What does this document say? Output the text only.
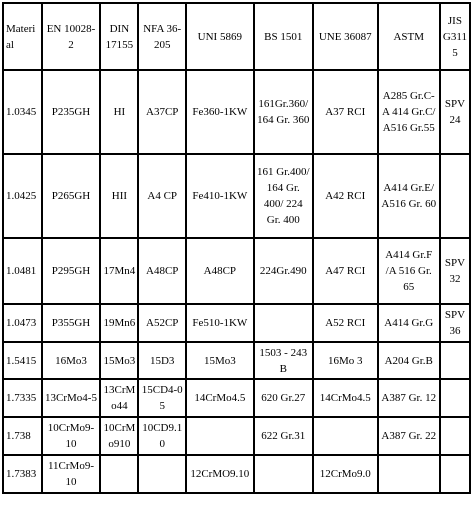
Materi al	EN 10028-2	DIN 17155	NFA 36-205	UNI 5869	BS 1501	UNE 36087	ASTM	JIS G311 5
1.0345	P235GH	HI	A37CP	Fe360-1KW	161Gr.360/ 164 Gr. 360	A37 RCI	A285 Gr.C-A 414 Gr.C/ A516 Gr.55	SPV 24
1.0425	P265GH	HII	A4 CP	Fe410-1KW	161 Gr.400/ 164 Gr. 400/ 224 Gr. 400	A42 RCI	A414 Gr.E/ A516 Gr. 60	
1.0481	P295GH	17Mn4	A48CP	A48CP	224Gr.490	A47 RCI	A414 Gr.F /A 516 Gr. 65	SPV 32
1.0473	P355GH	19Mn6	A52CP	Fe510-1KW		A52 RCI	A414 Gr.G	SPV 36
1.5415	16Mo3	15Mo3	15D3	15Mo3	1503 - 243 B	16Mo 3	A204 Gr.B	
1.7335	13CrMo4-5	13CrM o44	15CD4-0 5	14CrMo4.5	620 Gr.27	14CrMo4.5	A387 Gr. 12	
1.738	10CrMo9-10	10CrM o910	10CD9.1 0		622 Gr.31		A387 Gr. 22	
1.7383	11CrMo9-10			12CrMO9.10		12CrMo9.0		
